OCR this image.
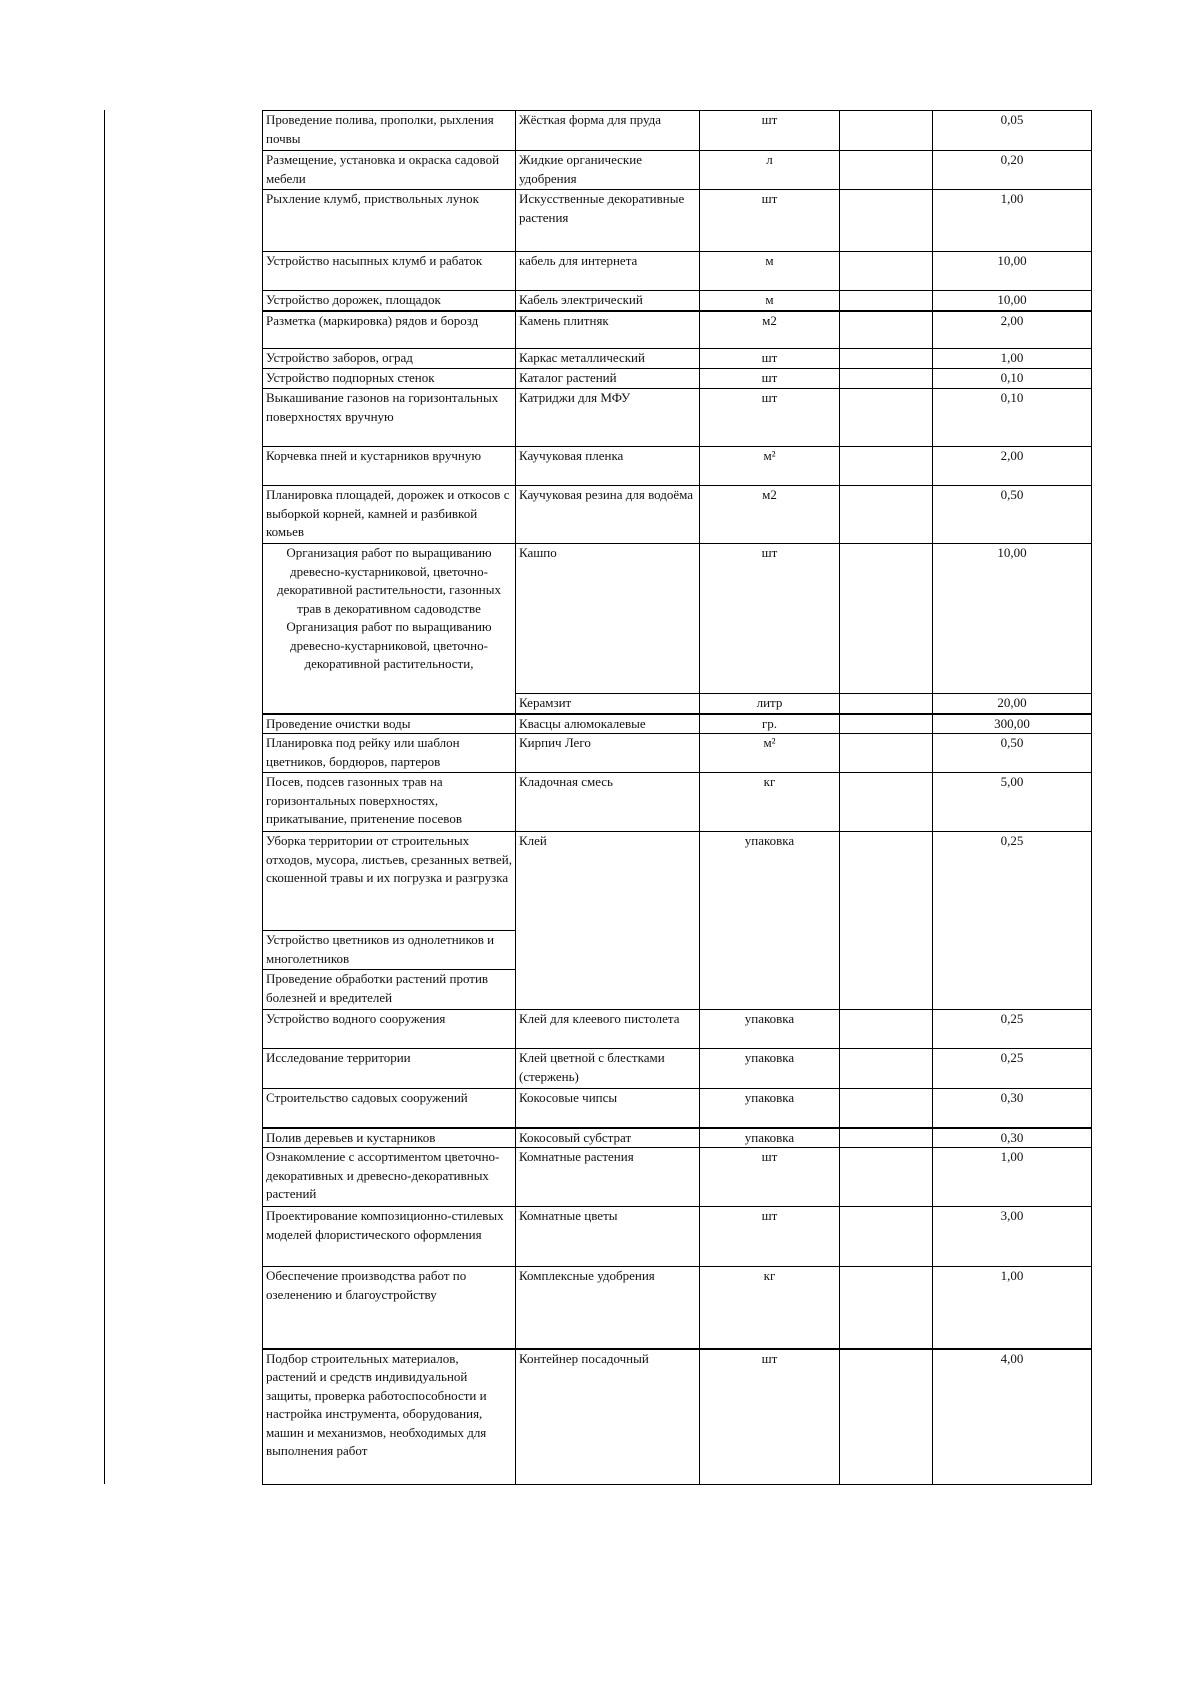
Проведение полива, прополки, рыхления почвы	Жёсткая форма для пруда	шт		0,05
Размещение, установка и окраска садовой мебели	Жидкие органические удобрения	л		0,20
Рыхление клумб, приствольных лунок	Искусственные декоративные растения	шт		1,00
Устройство насыпных клумб и рабаток	кабель для интернета	м		10,00
Устройство дорожек, площадок	Кабель электрический	м		10,00
Разметка (маркировка) рядов и борозд	Камень плитняк	м2		2,00
Устройство заборов, оград	Каркас металлический	шт		1,00
Устройство подпорных стенок	Каталог растений	шт		0,10
Выкашивание газонов на горизонтальных поверхностях вручную	Катриджи для МФУ	шт		0,10
Корчевка пней и кустарников вручную	Каучуковая пленка	м²		2,00
Планировка площадей, дорожек и откосов с выборкой корней, камней и разбивкой комьев	Каучуковая резина для водоёма	м2		0,50
Организация работ по выращиванию древесно-кустарниковой, цветочно-декоративной растительности, газонных трав в декоративном садоводстве Организация работ по выращиванию древесно-кустарниковой, цветочно-декоративной растительности,	Кашпо	шт		10,00
	Керамзит	литр		20,00
Проведение очистки воды	Квасцы алюмокалевые	гр.		300,00
Планировка под рейку или шаблон цветников, бордюров, партеров	Кирпич Лего	м²		0,50
Посев, подсев газонных трав на горизонтальных поверхностях, прикатывание, притенение посевов	Кладочная смесь	кг		5,00
Уборка территории от строительных отходов, мусора, листьев, срезанных ветвей, скошенной травы и их погрузка и разгрузка	Клей	упаковка		0,25
Устройство цветников из однолетников и многолетников				
Проведение обработки растений против болезней и вредителей				
Устройство водного сооружения	Клей для клеевого пистолета	упаковка		0,25
Исследование территории	Клей цветной с блестками (стержень)	упаковка		0,25
Строительство садовых сооружений	Кокосовые чипсы	упаковка		0,30
Полив деревьев и кустарников	Кокосовый субстрат	упаковка		0,30
Ознакомление с ассортиментом цветочно-декоративных и древесно-декоративных растений	Комнатные растения	шт		1,00
Проектирование композиционно-стилевых моделей флористического оформления	Комнатные цветы	шт		3,00
Обеспечение производства работ по озеленению и благоустройству	Комплексные удобрения	кг		1,00
Подбор строительных материалов, растений и средств индивидуальной защиты, проверка работоспособности и настройка инструмента, оборудования, машин и механизмов, необходимых для выполнения работ	Контейнер посадочный	шт		4,00
